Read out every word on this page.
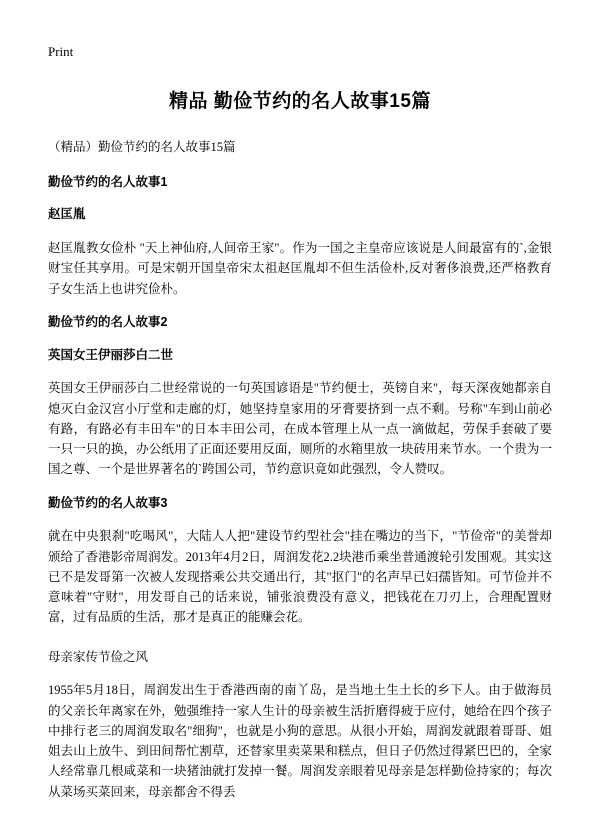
Print
精品 勤俭节约的名人故事15篇

（精品）勤俭节约的名人故事15篇

勤俭节约的名人故事1

赵匡胤

赵匡胤教女俭朴 "天上神仙府,人间帝王家"。作为一国之主皇帝应该说是人间最富有的`,金银财宝任其享用。可是宋朝开国皇帝宋太祖赵匡胤却不但生活俭朴,反对奢侈浪费,还严格教育子女生活上也讲究俭朴。

勤俭节约的名人故事2

英国女王伊丽莎白二世

英国女王伊丽莎白二世经常说的一句英国谚语是"节约便士，英镑自来"，每天深夜她都亲自熄灭白金汉宫小厅堂和走廊的灯，她坚持皇家用的牙膏要挤到一点不剩。号称"车到山前必有路，有路必有丰田车"的日本丰田公司，在成本管理上从一点一滴做起，劳保手套破了要一只一只的换，办公纸用了正面还要用反面，厕所的水箱里放一块砖用来节水。一个贵为一国之尊、一个是世界著名的`跨国公司，节约意识竟如此强烈，令人赞叹。

勤俭节约的名人故事3

就在中央狠刹"吃喝风"，大陆人人把"建设节约型社会"挂在嘴边的当下，"节俭帝"的美誉却颁给了香港影帝周润发。2013年4月2日，周润发花2.2块港币乘坐普通渡轮引发围观。其实这已不是发哥第一次被人发现搭乘公共交通出行，其"抠门"的名声早已妇孺皆知。可节俭并不意味着"守财"，用发哥自己的话来说，铺张浪费没有意义，把钱花在刀刃上，合理配置财富，过有品质的生活，那才是真正的能赚会花。

母亲家传节俭之风

1955年5月18日，周润发出生于香港西南的南丫岛，是当地土生土长的乡下人。由于做海员的父亲长年离家在外，勉强维持一家人生计的母亲被生活折磨得疲于应付，她给在四个孩子中排行老三的周润发取名"细狗"，也就是小狗的意思。从很小开始，周润发就跟着哥哥、姐姐去山上放牛、到田间帮忙割草，还替家里卖菜果和糕点，但日子仍然过得紧巴巴的，全家人经常靠几根咸菜和一块猪油就打发掉一餐。周润发亲眼着见母亲是怎样勤俭持家的；每次从菜场买菜回来，母亲都舍不得丢
